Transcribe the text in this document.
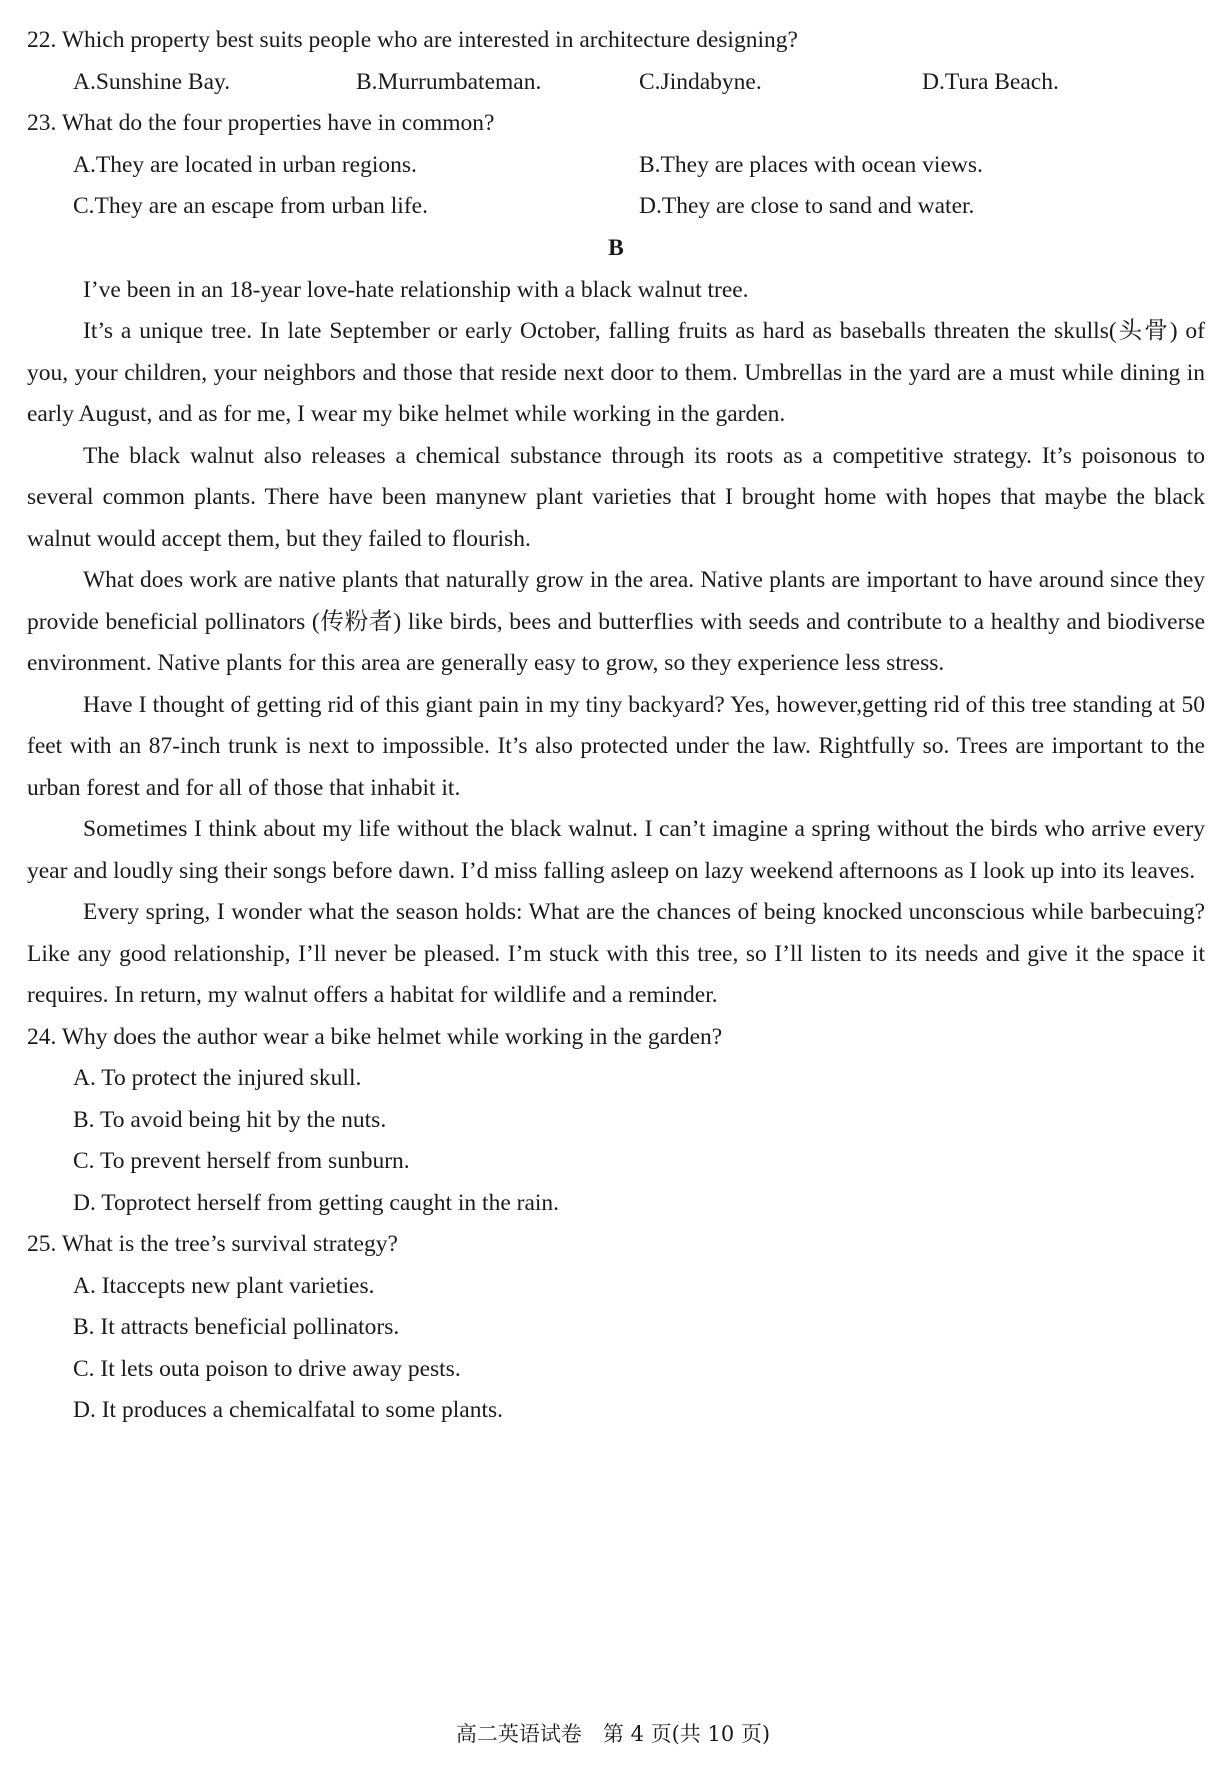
22. Which property best suits people who are interested in architecture designing?
A.Sunshine Bay.	B.Murrumbateman.	C.Jindabyne.	D.Tura Beach.
23. What do the four properties have in common?
A.They are located in urban regions.	B.They are places with ocean views.
C.They are an escape from urban life.	D.They are close to sand and water.
B

I’ve been in an 18-year love-hate relationship with a black walnut tree.

It’s a unique tree. In late September or early October, falling fruits as hard as baseballs threaten the skulls(头骨) of you, your children, your neighbors and those that reside next door to them. Umbrellas in the yard are a must while dining in early August, and as for me, I wear my bike helmet while working in the garden.

The black walnut also releases a chemical substance through its roots as a competitive strategy. It’s poisonous to several common plants. There have been manynew plant varieties that I brought home with hopes that maybe the black walnut would accept them, but they failed to flourish.

What does work are native plants that naturally grow in the area. Native plants are important to have around since they provide beneficial pollinators (传粉者) like birds, bees and butterflies with seeds and contribute to a healthy and biodiverse environment. Native plants for this area are generally easy to grow, so they experience less stress.

Have I thought of getting rid of this giant pain in my tiny backyard? Yes, however,getting rid of this tree standing at 50 feet with an 87-inch trunk is next to impossible. It’s also protected under the law. Rightfully so. Trees are important to the urban forest and for all of those that inhabit it.

Sometimes I think about my life without the black walnut. I can’t imagine a spring without the birds who arrive every year and loudly sing their songs before dawn. I’d miss falling asleep on lazy weekend afternoons as I look up into its leaves.

Every spring, I wonder what the season holds: What are the chances of being knocked unconscious while barbecuing? Like any good relationship, I’ll never be pleased. I’m stuck with this tree, so I’ll listen to its needs and give it the space it requires. In return, my walnut offers a habitat for wildlife and a reminder.

24. Why does the author wear a bike helmet while working in the garden?
A. To protect the injured skull.
B. To avoid being hit by the nuts.
C. To prevent herself from sunburn.
D. Toprotect herself from getting caught in the rain.
25. What is the tree’s survival strategy?
A. Itaccepts new plant varieties.
B. It attracts beneficial pollinators.
C. It lets outa poison to drive away pests.
D. It produces a chemicalfatal to some plants.
高二英语试卷　第 4 页(共 10 页)
